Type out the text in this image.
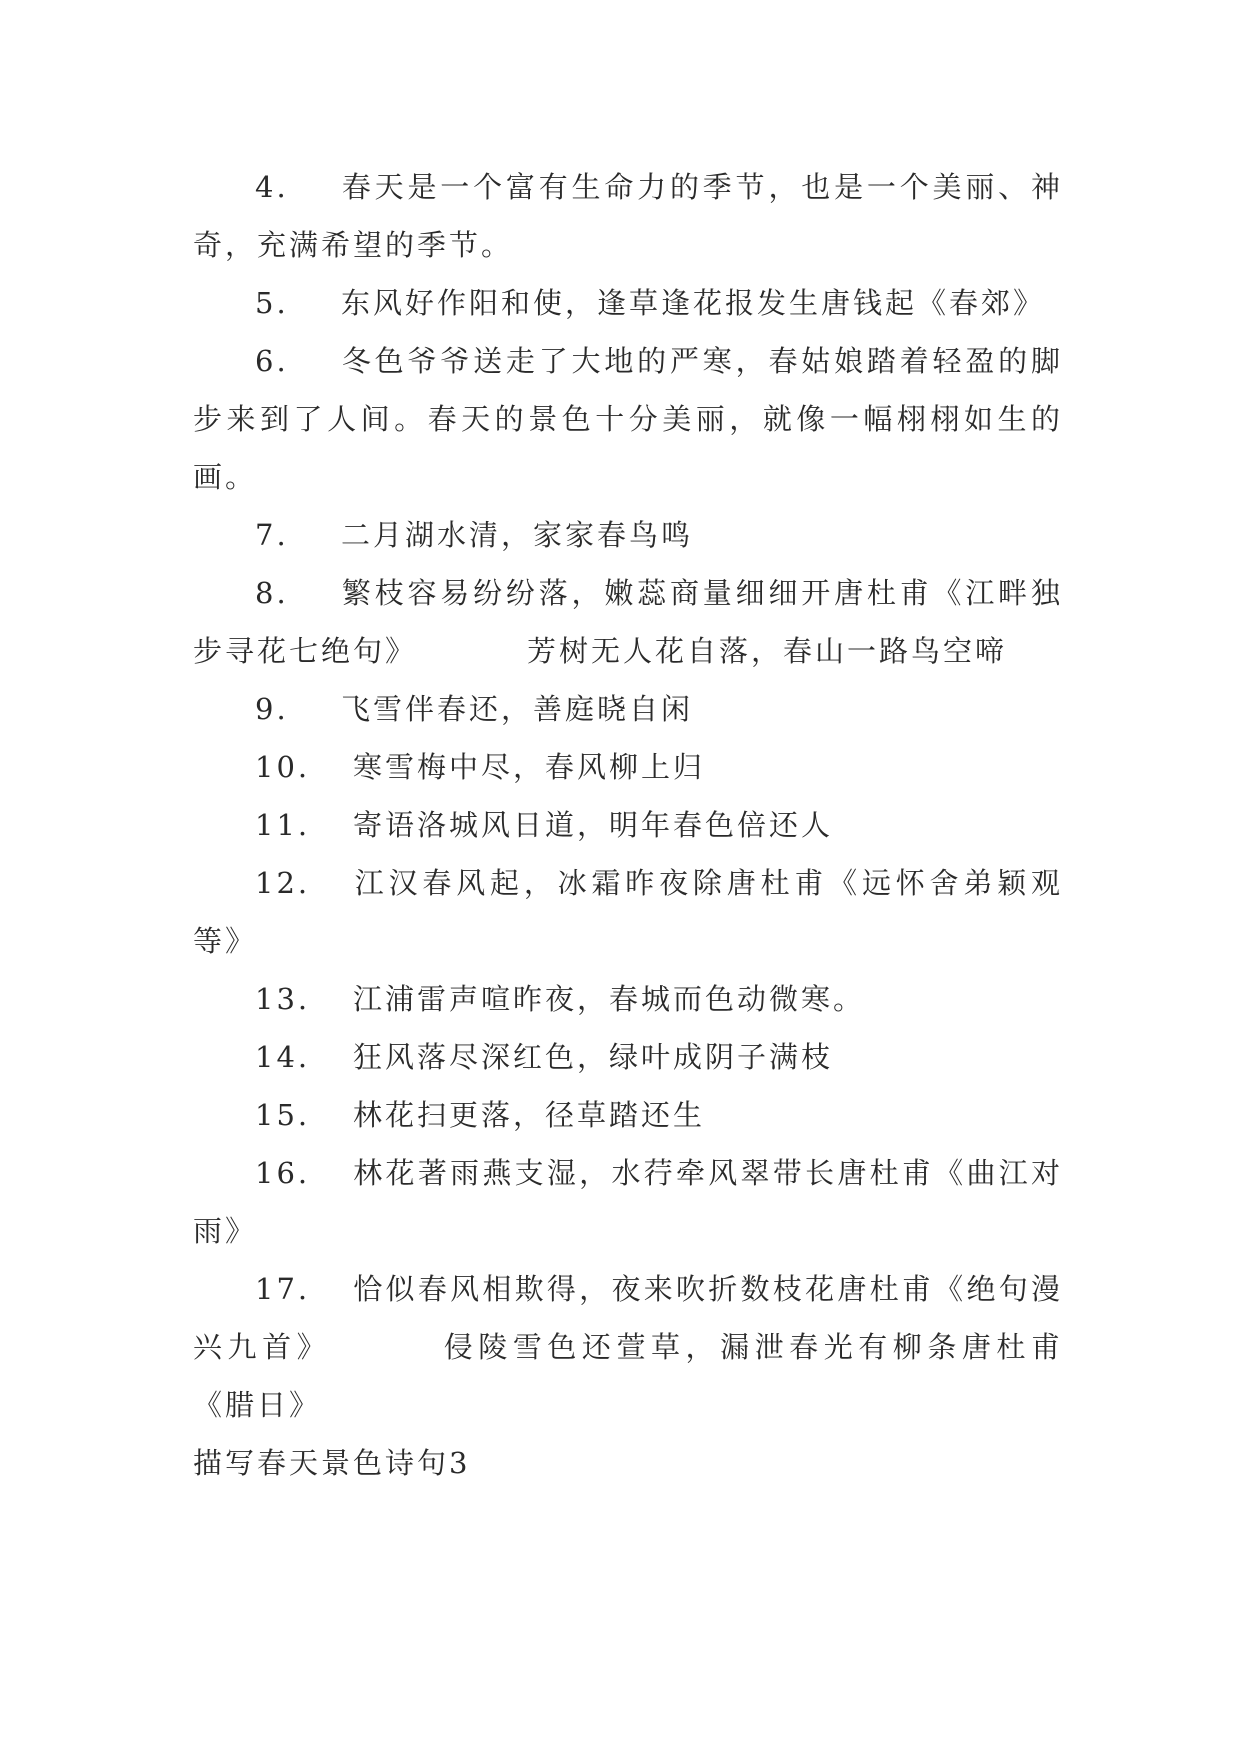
4. 春天是一个富有生命力的季节，也是一个美丽、神奇，充满希望的季节。

5. 东风好作阳和使，逢草逢花报发生唐钱起《春郊》

6. 冬色爷爷送走了大地的严寒，春姑娘踏着轻盈的脚步来到了人间。春天的景色十分美丽，就像一幅栩栩如生的画。

7. 二月湖水清，家家春鸟鸣

8. 繁枝容易纷纷落，嫩蕊商量细细开唐杜甫《江畔独步寻花七绝句》	芳树无人花自落，春山一路鸟空啼

9. 飞雪伴春还，善庭晓自闲

10. 寒雪梅中尽，春风柳上归

11. 寄语洛城风日道，明年春色倍还人

12. 江汉春风起，冰霜昨夜除唐杜甫《远怀舍弟颖观等》

13. 江浦雷声喧昨夜，春城而色动微寒。

14. 狂风落尽深红色，绿叶成阴子满枝

15. 林花扫更落，径草踏还生

16. 林花著雨燕支湿，水荇牵风翠带长唐杜甫《曲江对雨》

17. 恰似春风相欺得，夜来吹折数枝花唐杜甫《绝句漫兴九首》	侵陵雪色还萱草，漏泄春光有柳条唐杜甫《腊日》

描写春天景色诗句3
